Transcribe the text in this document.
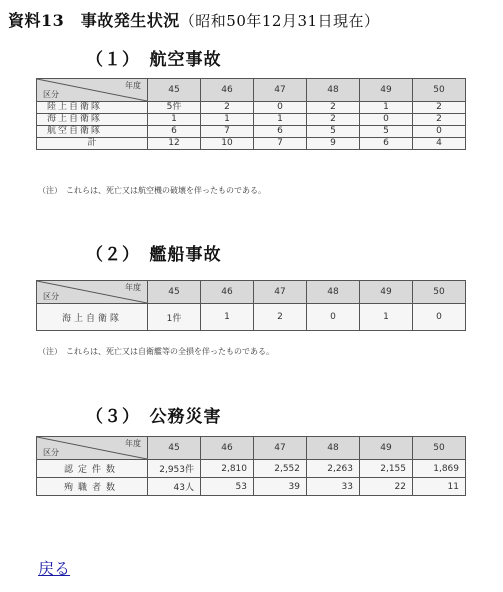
資料13　事故発生状況（昭和50年12月31日現在）
（１）　航空事故
年度
区分	45	46	47	48	49	50
陸上自衛隊	5件	2	0	2	1	2
海上自衛隊	1	1	1	2	0	2
航空自衛隊	6	7	6	5	5	0
計	12	10	7	9	6	4
（注）　これらは、死亡又は航空機の破壊を伴ったものである。
（２）　艦船事故
年度
区分	45	46	47	48	49	50
海上自衛隊	1件	1	2	0	1	0
（注）　これらは、死亡又は自衛艦等の全損を伴ったものである。
（３）　公務災害
年度
区分	45	46	47	48	49	50
認定件数	2,953件	2,810	2,552	2,263	2,155	1,869
殉職者数	43人	53	39	33	22	11
戻る
